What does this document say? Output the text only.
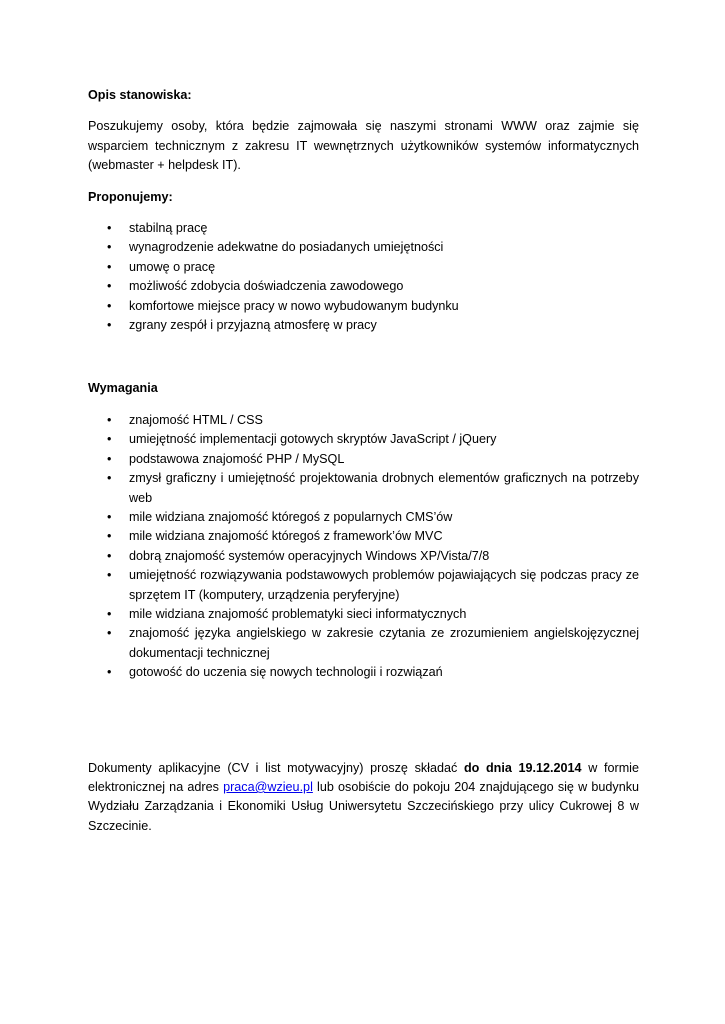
Opis stanowiska:

Poszukujemy osoby, która będzie zajmowała się naszymi stronami WWW oraz zajmie się wsparciem technicznym z zakresu IT wewnętrznych użytkowników systemów informatycznych (webmaster + helpdesk IT).

Proponujemy:

• stabilną pracę
• wynagrodzenie adekwatne do posiadanych umiejętności
• umowę o pracę
• możliwość zdobycia doświadczenia zawodowego
• komfortowe miejsce pracy w nowo wybudowanym budynku
• zgrany zespół i przyjazną atmosferę w pracy

Wymagania

• znajomość HTML / CSS
• umiejętność implementacji gotowych skryptów JavaScript / jQuery
• podstawowa znajomość PHP / MySQL
• zmysł graficzny i umiejętność projektowania drobnych elementów graficznych na potrzeby web
• mile widziana znajomość któregoś z popularnych CMS’ów
• mile widziana znajomość któregoś z framework’ów MVC
• dobrą znajomość systemów operacyjnych Windows XP/Vista/7/8
• umiejętność rozwiązywania podstawowych problemów pojawiających się podczas pracy ze sprzętem IT (komputery, urządzenia peryferyjne)
• mile widziana znajomość problematyki sieci informatycznych
• znajomość języka angielskiego w zakresie czytania ze zrozumieniem angielskojęzycznej dokumentacji technicznej
• gotowość do uczenia się nowych technologii i rozwiązań

Dokumenty aplikacyjne (CV i list motywacyjny) proszę składać do dnia 19.12.2014 w formie elektronicznej na adres praca@wzieu.pl lub osobiście do pokoju 204 znajdującego się w budynku Wydziału Zarządzania i Ekonomiki Usług Uniwersytetu Szczecińskiego przy ulicy Cukrowej 8 w Szczecinie.
